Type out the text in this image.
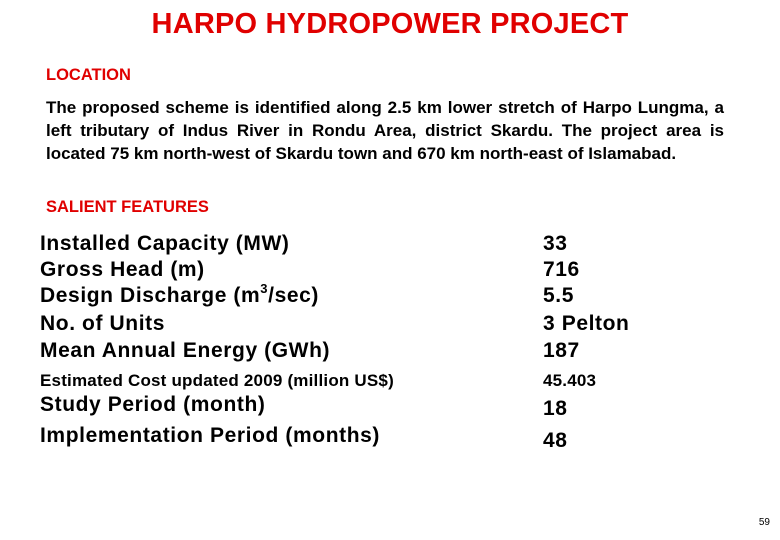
HARPO HYDROPOWER PROJECT
LOCATION
The proposed scheme is identified along 2.5 km lower stretch of Harpo Lungma, a left tributary of Indus River in Rondu Area, district Skardu. The project area is located 75 km north-west of Skardu town and 670 km north-east of Islamabad.
SALIENT FEATURES
Installed Capacity (MW)	33
Gross Head (m)	716
Design Discharge $(m^3/\sec)$	5.5
No. of Units	3 Pelton
Mean Annual Energy (GWh)	187
Estimated Cost updated 2009 (million US$)	45.403
Study Period (month)	18
Implementation Period (months)	48
59
